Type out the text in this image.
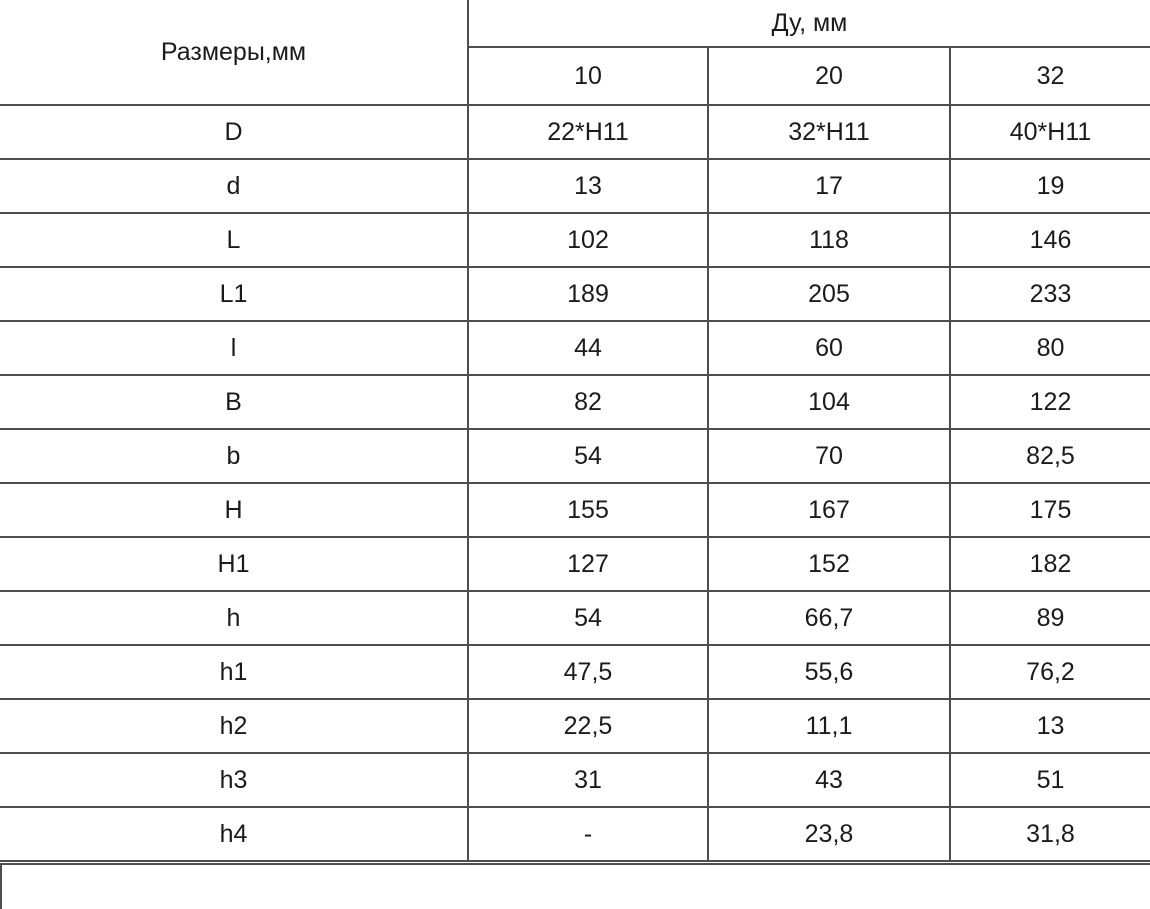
Размеры,мм	Ду, мм		
	10	20	32
D	22*H11	32*H11	40*H11
d	13	17	19
L	102	118	146
L1	189	205	233
l	44	60	80
B	82	104	122
b	54	70	82,5
H	155	167	175
H1	127	152	182
h	54	66,7	89
h1	47,5	55,6	76,2
h2	22,5	11,1	13
h3	31	43	51
h4	-	23,8	31,8
